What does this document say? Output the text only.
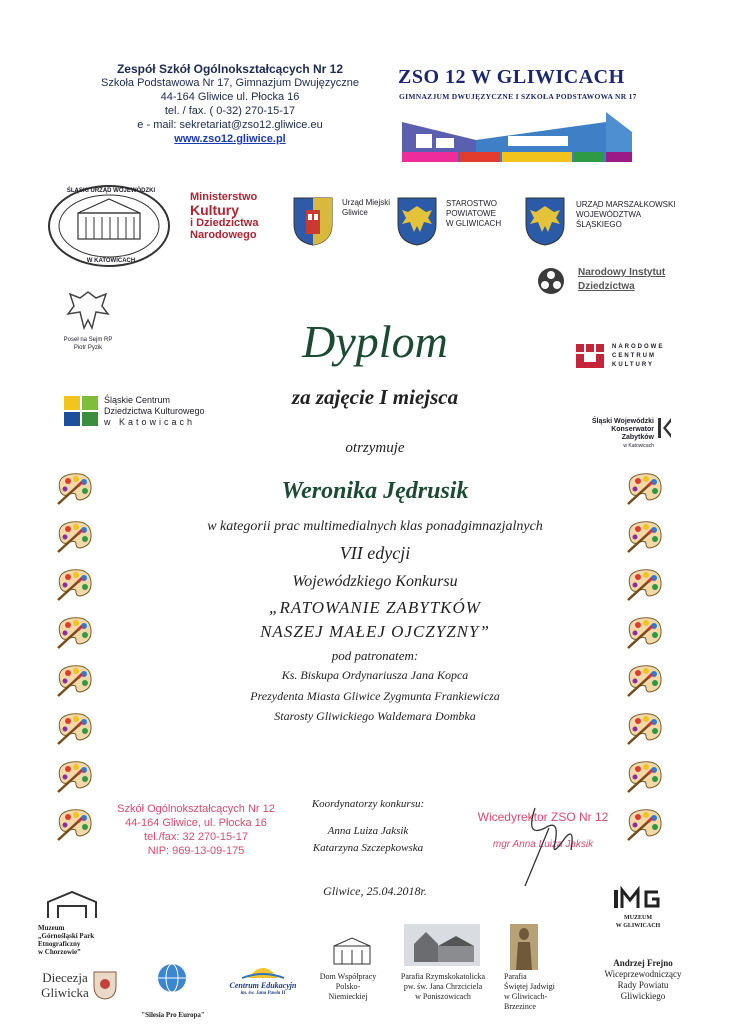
Zespół Szkół Ogólnokształcących Nr 12
Szkoła Podstawowa Nr 17, Gimnazjum Dwujęzyczne
44-164 Gliwice ul. Płocka 16
tel. / fax. ( 0-32) 270-15-17
e - mail: sekretariat@zso12.gliwice.eu
www.zso12.gliwice.pl
ZSO 12 W GLIWICACH
GIMNAZJUM DWUJĘZYCZNE I SZKOŁA PODSTAWOWA NR 17
ŚLĄSKI URZĄD WOJEWÓDZKI
W KATOWICACH
Ministerstwo
Kultury
i Dziedzictwa
Narodowego
Urząd Miejski
Gliwice
STAROSTWO
POWIATOWE
W GLIWICACH
URZĄD MARSZAŁKOWSKI
WOJEWÓDZTWA
ŚLĄSKIEGO
Narodowy Instytut
Dziedzictwa
Poseł na Sejm RP
Piotr Pyzik	NARODOWE
CENTRUM
KULTURY
Śląskie Centrum
Dziedzictwa Kulturowego
w Katowicach	Śląski Wojewódzki
Konserwator Zabytków
w Katowicach
Dyplom
za zajęcie I miejsca
otrzymuje
Weronika Jędrusik
w kategorii prac multimedialnych klas ponadgimnazjalnych
VII edycji
Wojewódzkiego Konkursu
„RATOWANIE ZABYTKÓW
NASZEJ MAŁEJ OJCZYZNY”
pod patronatem:
Ks. Biskupa Ordynariusza Jana Kopca
Prezydenta Miasta Gliwice Zygmunta Frankiewicza
Starosty Gliwickiego Waldemara Dombka
Szkół Ogólnokształcących Nr 12
44-164 Gliwice, ul. Płocka 16
tel./fax: 32 270-15-17
NIP: 969-13-09-175
Koordynatorzy konkursu:
Anna Luiza Jaksik
Katarzyna Szczepkowska
Wicedyrektor ZSO Nr 12
mgr Anna Luiza Jaksik
Gliwice, 25.04.2018r.
Muzeum
„Górnośląski Park
Etnograficzny
w Chorzowie”
Diecezja
Gliwicka
"Silesia Pro Europa"
Centrum Edukacyjn
im. św. Jana Pawła II
Dom Współpracy
Polsko-
Niemieckiej
Parafia Rzymskokatolicka
pw. św. Jana Chrzciciela
w Poniszowicach
Parafia
Świętej Jadwigi
w Gliwicach-
Brzezince
MUZEUM
W GLIWICACH
Andrzej Frejno
Wiceprzewodniczący
Rady Powiatu
Gliwickiego
